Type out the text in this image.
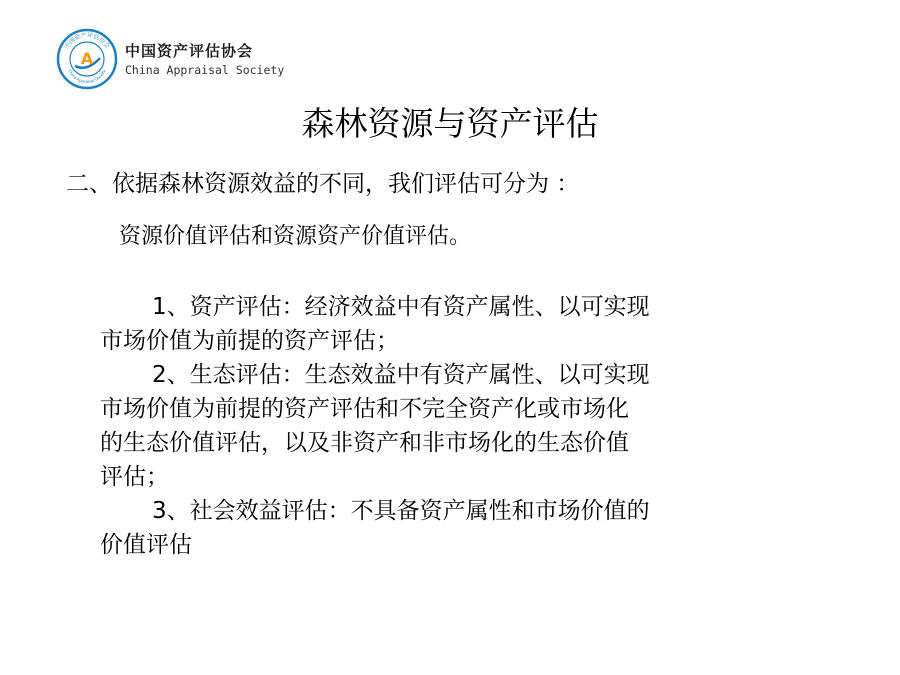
中国资产评估协会
China Appraisal Society
A 中国资产评估协会
China Appraisal Society
森林资源与资产评估
二、依据森林资源效益的不同，我们评估可分为 ：
资源价值评估和资源资产价值评估。
1、资产评估：经济效益中有资产属性、以可实现
市场价值为前提的资产评估；
2、生态评估：生态效益中有资产属性、以可实现
市场价值为前提的资产评估和不完全资产化或市场化
的生态价值评估，以及非资产和非市场化的生态价值
评估；
3、社会效益评估：不具备资产属性和市场价值的
价值评估
